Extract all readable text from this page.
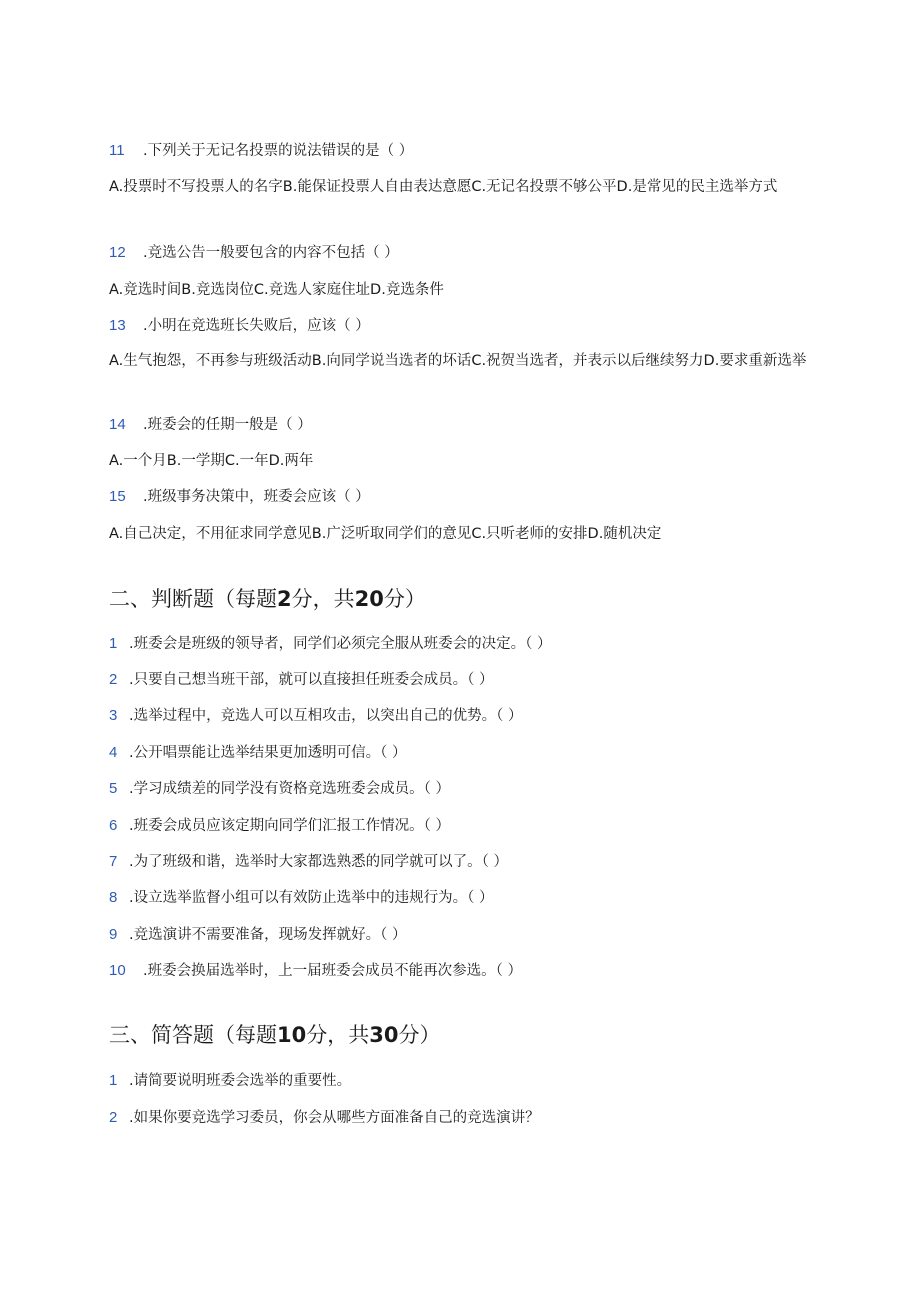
11 .下列关于无记名投票的说法错误的是（ ）
A.投票时不写投票人的名字B.能保证投票人自由表达意愿C.无记名投票不够公平D.是常见的民主选举方式
12 .竞选公告一般要包含的内容不包括（ ）
A.竞选时间B.竞选岗位C.竞选人家庭住址D.竞选条件
13 .小明在竞选班长失败后，应该（ ）
A.生气抱怨，不再参与班级活动B.向同学说当选者的坏话C.祝贺当选者，并表示以后继续努力D.要求重新选举
14 .班委会的任期一般是（ ）
A.一个月B.一学期C.一年D.两年
15 .班级事务决策中，班委会应该（ ）
A.自己决定，不用征求同学意见B.广泛听取同学们的意见C.只听老师的安排D.随机决定
二、判断题（每题2分，共20分）
1 .班委会是班级的领导者，同学们必须完全服从班委会的决定。（ ）
2 .只要自己想当班干部，就可以直接担任班委会成员。（ ）
3 .选举过程中，竞选人可以互相攻击，以突出自己的优势。（ ）
4 .公开唱票能让选举结果更加透明可信。（ ）
5 .学习成绩差的同学没有资格竞选班委会成员。（ ）
6 .班委会成员应该定期向同学们汇报工作情况。（ ）
7 .为了班级和谐，选举时大家都选熟悉的同学就可以了。（ ）
8 .设立选举监督小组可以有效防止选举中的违规行为。（ ）
9 .竞选演讲不需要准备，现场发挥就好。（ ）
10 .班委会换届选举时，上一届班委会成员不能再次参选。（ ）
三、简答题（每题10分，共30分）
1 .请简要说明班委会选举的重要性。
2 .如果你要竞选学习委员，你会从哪些方面准备自己的竞选演讲？
